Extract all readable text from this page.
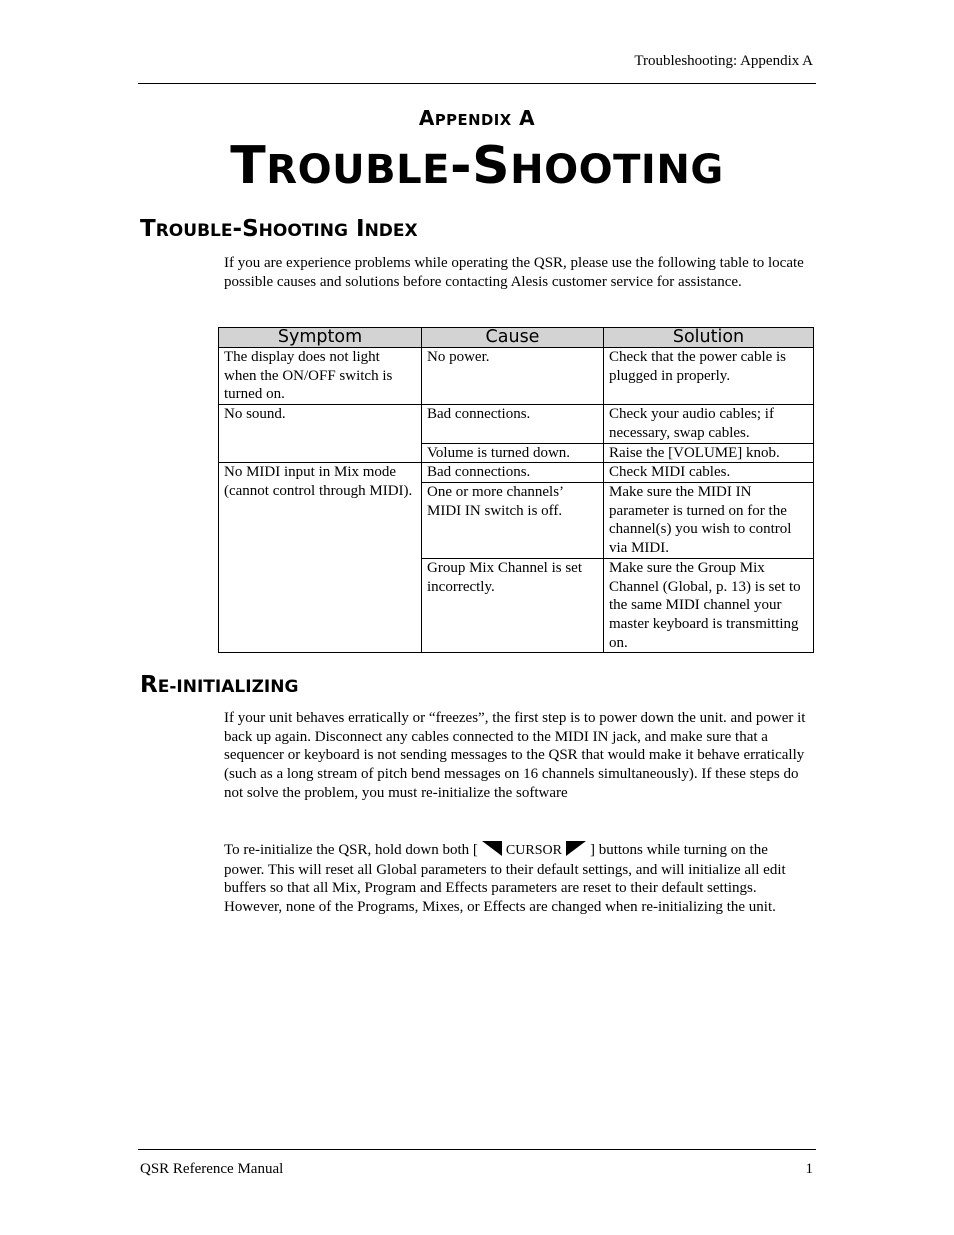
Troubleshooting: Appendix A
APPENDIX A
TROUBLE-SHOOTING
TROUBLE-SHOOTING INDEX
If you are experience problems while operating the QSR, please use the following table to locate possible causes and solutions before contacting Alesis customer service for assistance.
Symptom	Cause	Solution
The display does not light when the ON/OFF switch is turned on.	No power.	Check that the power cable is plugged in properly.
No sound.	Bad connections.	Check your audio cables; if necessary, swap cables.
	Volume is turned down.	Raise the [VOLUME] knob.
No MIDI input in Mix mode (cannot control through MIDI).	Bad connections.	Check MIDI cables.
	One or more channels’ MIDI IN switch is off.	Make sure the MIDI IN parameter is turned on for the channel(s) you wish to control via MIDI.
	Group Mix Channel is set incorrectly.	Make sure the Group Mix Channel (Global, p. 13) is set to the same MIDI channel your master keyboard is transmitting on.
RE-INITIALIZING
If your unit behaves erratically or “freezes”, the first step is to power down the unit. and power it back up again. Disconnect any cables connected to the MIDI IN jack, and make sure that a sequencer or keyboard is not sending messages to the QSR that would make it behave erratically (such as a long stream of pitch bend messages on 16 channels simultaneously). If these steps do not solve the problem, you must re-initialize the software
To re-initialize the QSR, hold down both [ CURSOR ] buttons while turning on the power. This will reset all Global parameters to their default settings, and will initialize all edit buffers so that all Mix, Program and Effects parameters are reset to their default settings. However, none of the Programs, Mixes, or Effects are changed when re-initializing the unit.
QSR Reference Manual	1
